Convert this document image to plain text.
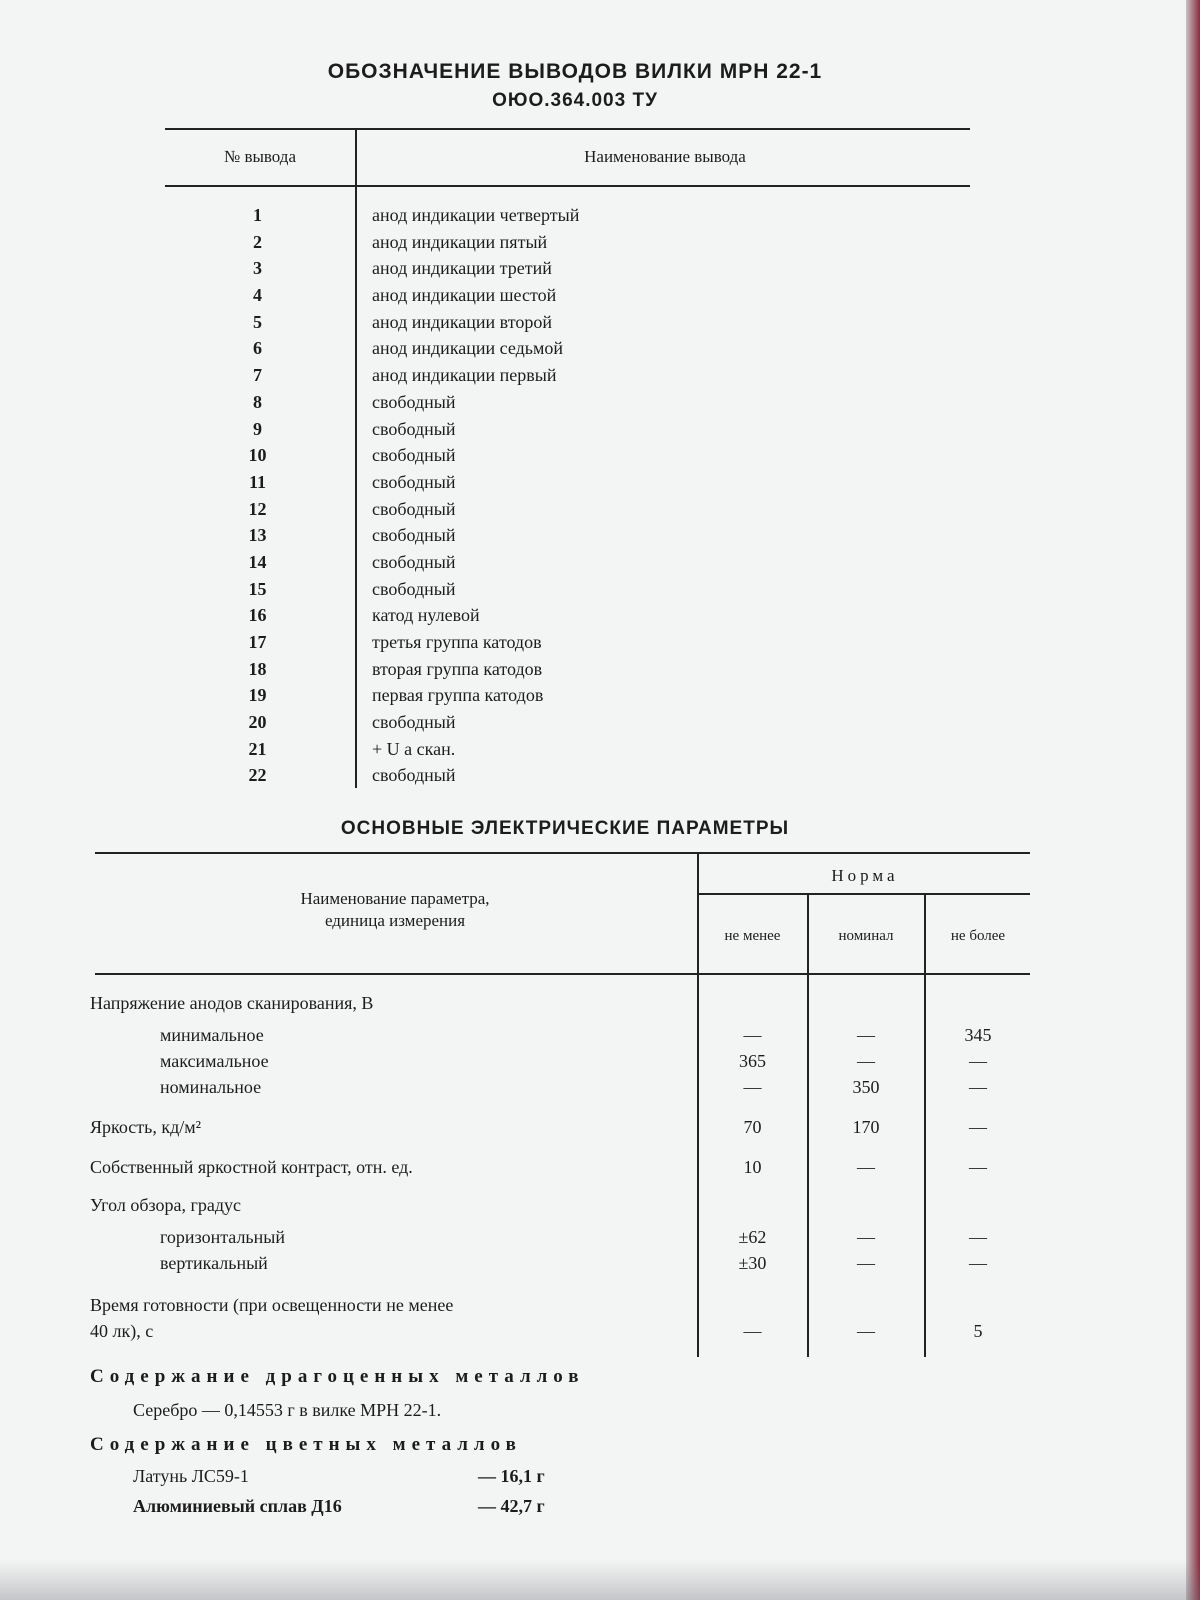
ОБОЗНАЧЕНИЕ ВЫВОДОВ ВИЛКИ МРН 22-1
ОЮО.364.003 ТУ
№ вывода	Наименование вывода
1	анод индикации четвертый
2	анод индикации пятый
3	анод индикации третий
4	анод индикации шестой
5	анод индикации второй
6	анод индикации седьмой
7	анод индикации первый
8	свободный
9	свободный
10	свободный
11	свободный
12	свободный
13	свободный
14	свободный
15	свободный
16	катод нулевой
17	третья группа катодов
18	вторая группа катодов
19	первая группа катодов
20	свободный
21	+ U a скан.
22	свободный
ОСНОВНЫЕ ЭЛЕКТРИЧЕСКИЕ ПАРАМЕТРЫ
Наименование параметра,
единица измерения
Норма
не менее	номинал	не более
Напряжение анодов сканирования, В
минимальное	—	—	345
максимальное	365	—	—
номинальное	—	350	—
Яркость, кд/м²	70	170	—
Собственный яркостной контраст, отн. ед.	10	—	—
Угол обзора, градус
горизонтальный	±62	—	—
вертикальный	±30	—	—
Время готовности (при освещенности не менее
40 лк), с	—	—	5
Содержание драгоценных металлов
Серебро — 0,14553 г в вилке МРН 22-1.
Содержание цветных металлов
Латунь ЛС59-1	— 16,1 г
Алюминиевый сплав Д16	— 42,7 г
